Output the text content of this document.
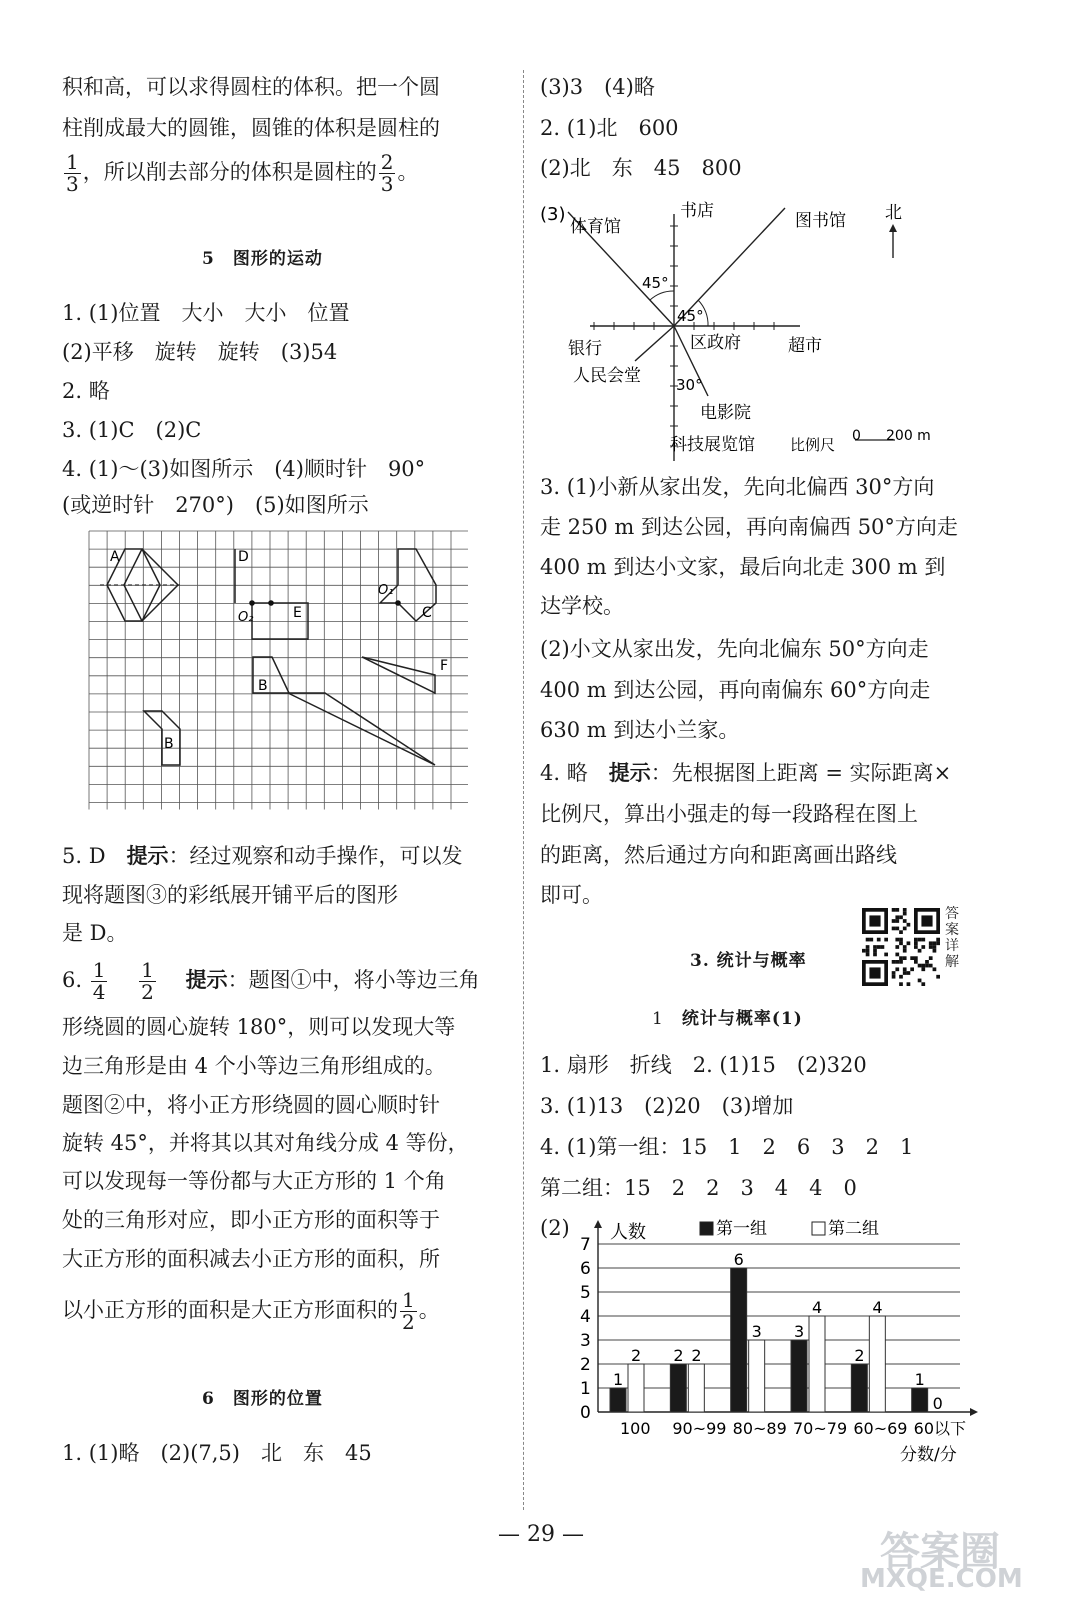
积和高，可以求得圆柱的体积。把一个圆
柱削成最大的圆锥，圆锥的体积是圆柱的
$\frac{1}{3}$ ，所以削去部分的体积是圆柱的 $\frac{2}{3}$ 。
5　 图形的运动
1. (1)位置　大小　大小　位置
(2)平移　旋转　旋转　(3)54
2. 略
3. (1)C　(2)C
4. (1)～(3)如图所示　(4)顺时针　90°
(或逆时针　270°)　(5)如图所示
A	D
E
O₂
O₁
C
B
F
B
5. D　 提示：经过观察和动手操作，可以发
现将题图③的彩纸展开铺平后的图形
是 D。
6. $\frac{1}{4}$
　 $\frac{1}{2}$
　 提示：题图①中，将小等边三角
形绕圆的圆心旋转 180°，则可以发现大等
边三角形是由 4 个小等边三角形组成的。
题图②中，将小正方形绕圆的圆心顺时针
旋转 45°，并将其以其对角线分成 4 等份，
可以发现每一等份都与大正方形的 1 个角
处的三角形对应，即小正方形的面积等于
大正方形的面积减去小正方形的面积，所
以小正方形的面积是大正方形面积的 $\frac{1}{2}$ 。
6　 图形的位置
1. (1)略　(2)(7,5)　北　东　45
(3)3　(4)略
2. (1)北　600
(2)北　东　45　800
(3)
体育馆
书店	图书馆 北
45°
45°
银行	区政府	超市
人民会堂 30°
电影院
科技展览馆 比例尺 0 200 m
3. (1)小新从家出发，先向北偏西 30°方向
走 250 m 到达公园，再向南偏西 50°方向走
400 m 到达小文家，最后向北走 300 m 到
达学校。
(2)小文从家出发，先向北偏东 50°方向走
400 m 到达公园，再向南偏东 60°方向走
630 m 到达小兰家。
4. 略　 提示：先根据图上距离 = 实际距离×
比例尺，算出小强走的每一段路程在图上
的距离，然后通过方向和距离画出路线
即可。
答
案
详
解
3. 统计与概率
1　 统计与概率(1)
1. 扇形　折线　2. (1)15　(2)320
3. (1)13　(2)20　(3)增加
4. (1)第一组：15　1　2　6　3　2　1
第二组：15　2　2　3　4　4　0
(2)
0
1
2
3
4
5
6
7
人数	第一组	第二组
1
2
100
2 2
90~99
6
3
80~89
3
4
70~79
2
4
60~69
1
0
60以下
分数/分
— 29 —	答案圈
MXQE.COM
